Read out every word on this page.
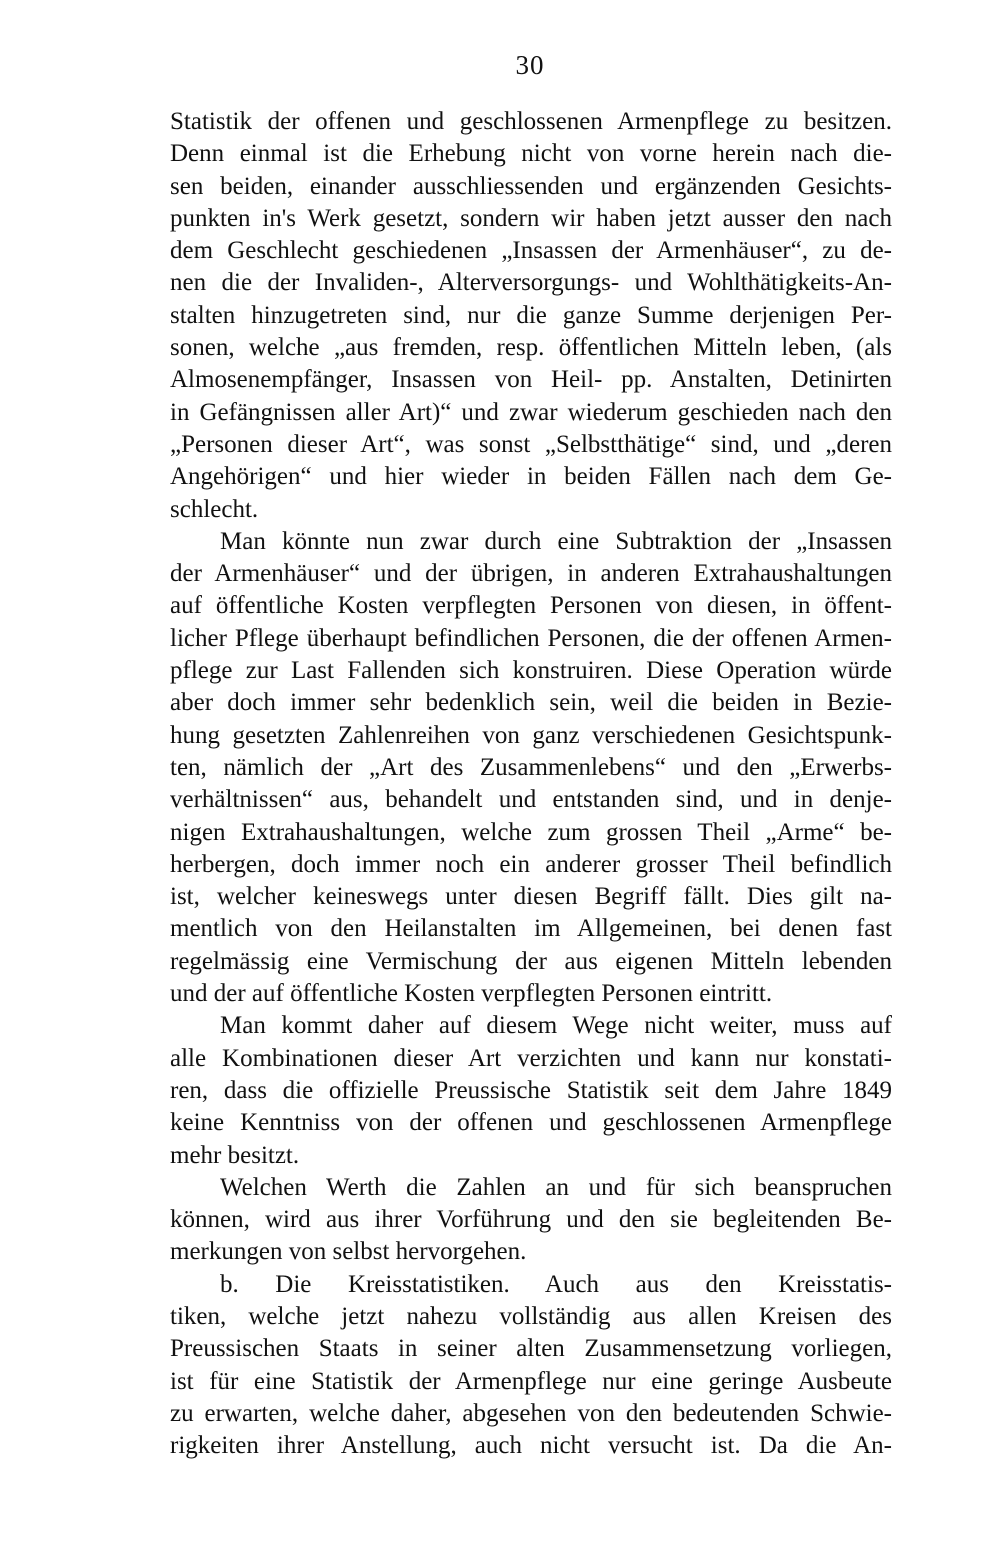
30
Statistik der offenen und geschlossenen Armenpflege zu besitzen.
Denn einmal ist die Erhebung nicht von vorne herein nach die-
sen beiden, einander ausschliessenden und ergänzenden Gesichts-
punkten in's Werk gesetzt, sondern wir haben jetzt ausser den nach
dem Geschlecht geschiedenen „Insassen der Armenhäuser“, zu de-
nen die der Invaliden-, Alterversorgungs- und Wohlthätigkeits-An-
stalten hinzugetreten sind, nur die ganze Summe derjenigen Per-
sonen, welche „aus fremden, resp. öffentlichen Mitteln leben, (als
Almosenempfänger, Insassen von Heil- pp. Anstalten, Detinirten
in Gefängnissen aller Art)“ und zwar wiederum geschieden nach den
„Personen dieser Art“, was sonst „Selbstthätige“ sind, und „deren
Angehörigen“ und hier wieder in beiden Fällen nach dem Ge-
schlecht.
Man könnte nun zwar durch eine Subtraktion der „Insassen
der Armenhäuser“ und der übrigen, in anderen Extrahaushaltungen
auf öffentliche Kosten verpflegten Personen von diesen, in öffent-
licher Pflege überhaupt befindlichen Personen, die der offenen Armen-
pflege zur Last Fallenden sich konstruiren. Diese Operation würde
aber doch immer sehr bedenklich sein, weil die beiden in Bezie-
hung gesetzten Zahlenreihen von ganz verschiedenen Gesichtspunk-
ten, nämlich der „Art des Zusammenlebens“ und den „Erwerbs-
verhältnissen“ aus, behandelt und entstanden sind, und in denje-
nigen Extrahaushaltungen, welche zum grossen Theil „Arme“ be-
herbergen, doch immer noch ein anderer grosser Theil befindlich
ist, welcher keineswegs unter diesen Begriff fällt. Dies gilt na-
mentlich von den Heilanstalten im Allgemeinen, bei denen fast
regelmässig eine Vermischung der aus eigenen Mitteln lebenden
und der auf öffentliche Kosten verpflegten Personen eintritt.
Man kommt daher auf diesem Wege nicht weiter, muss auf
alle Kombinationen dieser Art verzichten und kann nur konstati-
ren, dass die offizielle Preussische Statistik seit dem Jahre 1849
keine Kenntniss von der offenen und geschlossenen Armenpflege
mehr besitzt.
Welchen Werth die Zahlen an und für sich beanspruchen
können, wird aus ihrer Vorführung und den sie begleitenden Be-
merkungen von selbst hervorgehen.
b. Die Kreisstatistiken. Auch aus den Kreisstatis-
tiken, welche jetzt nahezu vollständig aus allen Kreisen des
Preussischen Staats in seiner alten Zusammensetzung vorliegen,
ist für eine Statistik der Armenpflege nur eine geringe Ausbeute
zu erwarten, welche daher, abgesehen von den bedeutenden Schwie-
rigkeiten ihrer Anstellung, auch nicht versucht ist. Da die An-
